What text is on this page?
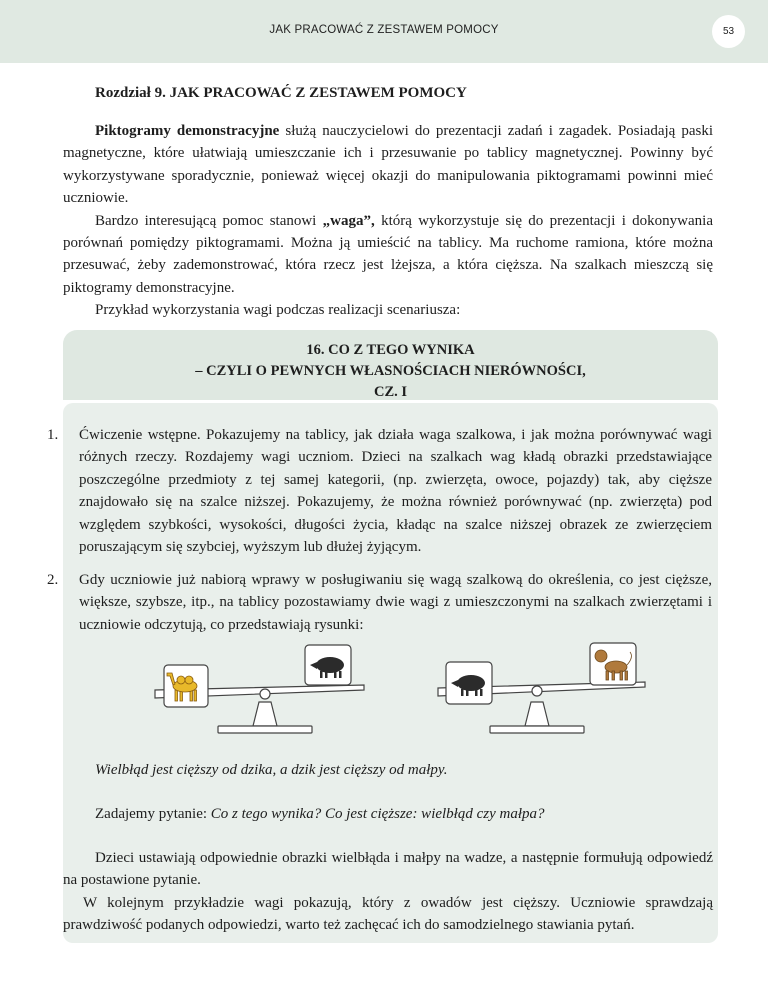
JAK PRACOWAĆ Z ZESTAWEM POMOCY	53
Rozdział 9. JAK PRACOWAĆ Z ZESTAWEM POMOCY

Piktogramy demonstracyjne służą nauczycielowi do prezentacji zadań i zagadek. Posiadają paski magnetyczne, które ułatwiają umieszczanie ich i przesuwanie po tablicy magnetycznej. Powinny być wykorzystywane sporadycznie, ponieważ więcej okazji do manipulowania piktogramami powinni mieć uczniowie.

Bardzo interesującą pomoc stanowi „waga”, którą wykorzystuje się do prezentacji i dokonywania porównań pomiędzy piktogramami. Można ją umieścić na tablicy. Ma ruchome ramiona, które można przesuwać, żeby zademonstrować, która rzecz jest lżejsza, a która cięższa. Na szalkach mieszczą się piktogramy demonstracyjne.

Przykład wykorzystania wagi podczas realizacji scenariusza:

16. CO Z TEGO WYNIKA
– CZYLI O PEWNYCH WŁASNOŚCIACH NIERÓWNOŚCI,
CZ. I
1.	Ćwiczenie wstępne. Pokazujemy na tablicy, jak działa waga szalkowa, i jak można porównywać wagi różnych rzeczy. Rozdajemy wagi uczniom. Dzieci na szalkach wag kładą obrazki przedstawiające poszczególne przedmioty z tej samej kategorii, (np. zwierzęta, owoce, pojazdy) tak, aby cięższe znajdowało się na szalce niższej. Pokazujemy, że można również porównywać (np. zwierzęta) pod względem szybkości, wysokości, długości życia, kładąc na szalce niższej obrazek ze zwierzęciem poruszającym się szybciej, wyższym lub dłużej żyjącym.
2.	Gdy uczniowie już nabiorą wprawy w posługiwaniu się wagą szalkową do określenia, co jest cięższe, większe, szybsze, itp., na tablicy pozostawiamy dwie wagi z umieszczonymi na szalkach zwierzętami i uczniowie odczytują, co przedstawiają rysunki:
Wielbłąd jest cięższy od dzika, a dzik jest cięższy od małpy.
Zadajemy pytanie: Co z tego wynika? Co jest cięższe: wielbłąd czy małpa?

Dzieci ustawiają odpowiednie obrazki wielbłąda i małpy na wadze, a następnie formułują odpowiedź na postawione pytanie.

W kolejnym przykładzie wagi pokazują, który z owadów jest cięższy. Uczniowie sprawdzają prawdziwość podanych odpowiedzi, warto też zachęcać ich do samodzielnego stawiania pytań.
